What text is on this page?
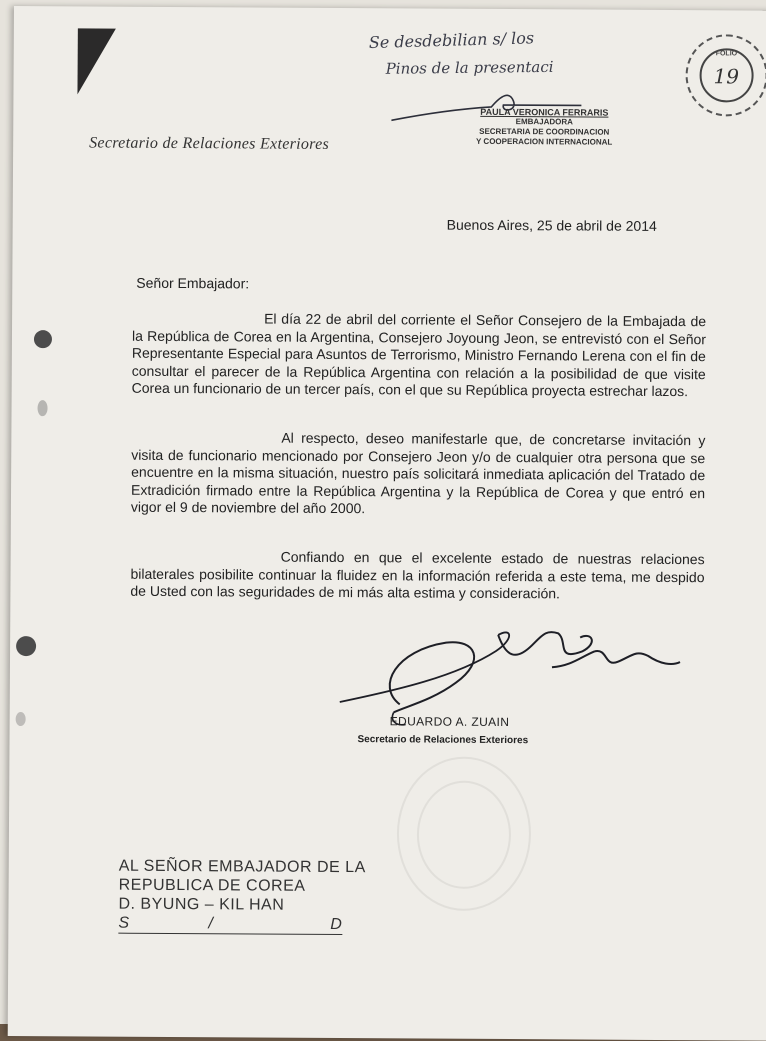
Se desdebilian s/ los
Pinos de la presentaci
FOLIO
19
PAULA VERONICA FERRARIS
EMBAJADORA
SECRETARIA DE COORDINACION
Y COOPERACION INTERNACIONAL
Secretario de Relaciones Exteriores
Buenos Aires, 25 de abril de 2014
Señor Embajador:
El día 22 de abril del corriente el Señor Consejero de la Embajada de la República de Corea en la Argentina, Consejero Joyoung Jeon, se entrevistó con el Señor Representante Especial para Asuntos de Terrorismo, Ministro Fernando Lerena con el fin de consultar el parecer de la República Argentina con relación a la posibilidad de que visite Corea un funcionario de un tercer país, con el que su República proyecta estrechar lazos.
Al respecto, deseo manifestarle que, de concretarse invitación y visita de funcionario mencionado por Consejero Jeon y/o de cualquier otra persona que se encuentre en la misma situación, nuestro país solicitará inmediata aplicación del Tratado de Extradición firmado entre la República Argentina y la República de Corea y que entró en vigor el 9 de noviembre del año 2000.
Confiando en que el excelente estado de nuestras relaciones bilaterales posibilite continuar la fluidez en la información referida a este tema, me despido de Usted con las seguridades de mi más alta estima y consideración.
EDUARDO A. ZUAIN
Secretario de Relaciones Exteriores
AL SEÑOR EMBAJADOR DE LA
REPUBLICA DE COREA
D. BYUNG – KIL HAN
S	/	D
